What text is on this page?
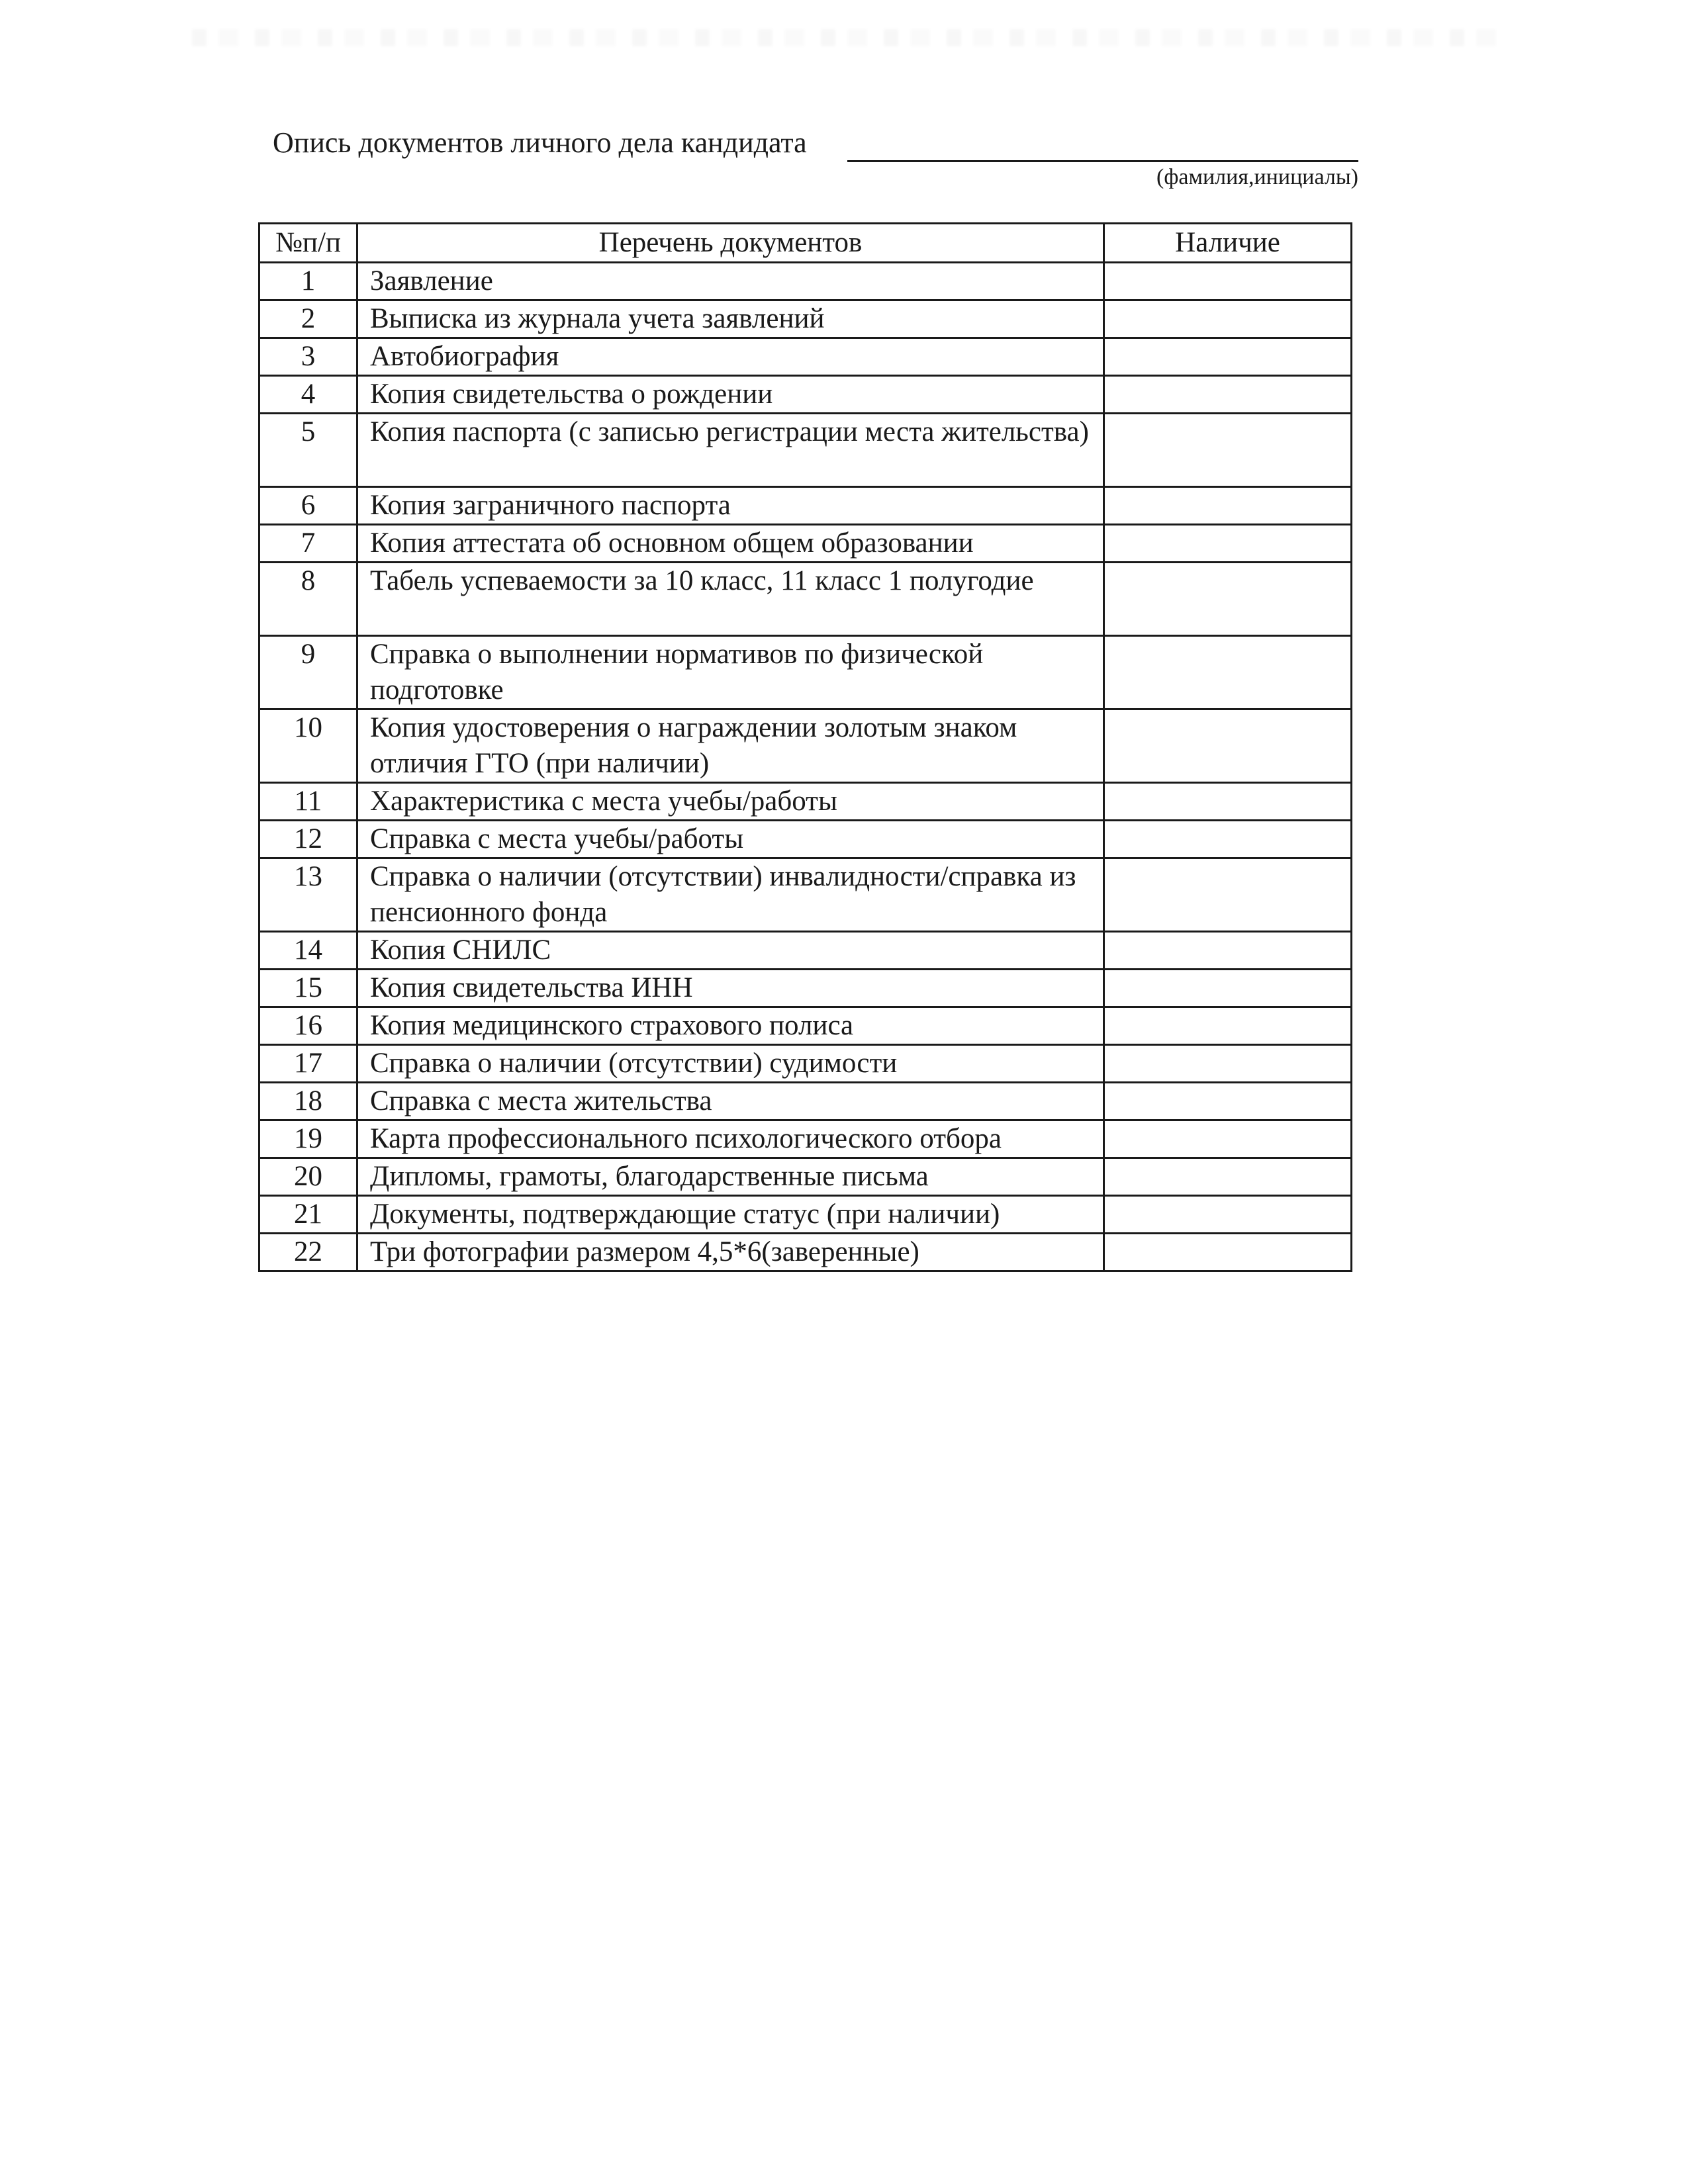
Опись документов личного дела кандидата
(фамилия,инициалы)
№п/п	Перечень документов	Наличие
1	Заявление	
2	Выписка из журнала учета заявлений	
3	Автобиография	
4	Копия свидетельства о рождении	
5	Копия паспорта (с записью регистрации места жительства)	
6	Копия заграничного паспорта	
7	Копия аттестата об основном общем образовании	
8	Табель успеваемости за 10 класс, 11 класс 1 полугодие	
9	Справка о выполнении нормативов по физической подготовке	
10	Копия удостоверения о награждении золотым знаком отличия ГТО (при наличии)	
11	Характеристика с места учебы/работы	
12	Справка с места учебы/работы	
13	Справка о наличии (отсутствии) инвалидности/справка из пенсионного фонда	
14	Копия СНИЛС	
15	Копия свидетельства ИНН	
16	Копия медицинского страхового полиса	
17	Справка о наличии (отсутствии) судимости	
18	Справка с места жительства	
19	Карта профессионального психологического отбора	
20	Дипломы, грамоты, благодарственные письма	
21	Документы, подтверждающие статус (при наличии)	
22	Три фотографии размером 4,5*6(заверенные)	
